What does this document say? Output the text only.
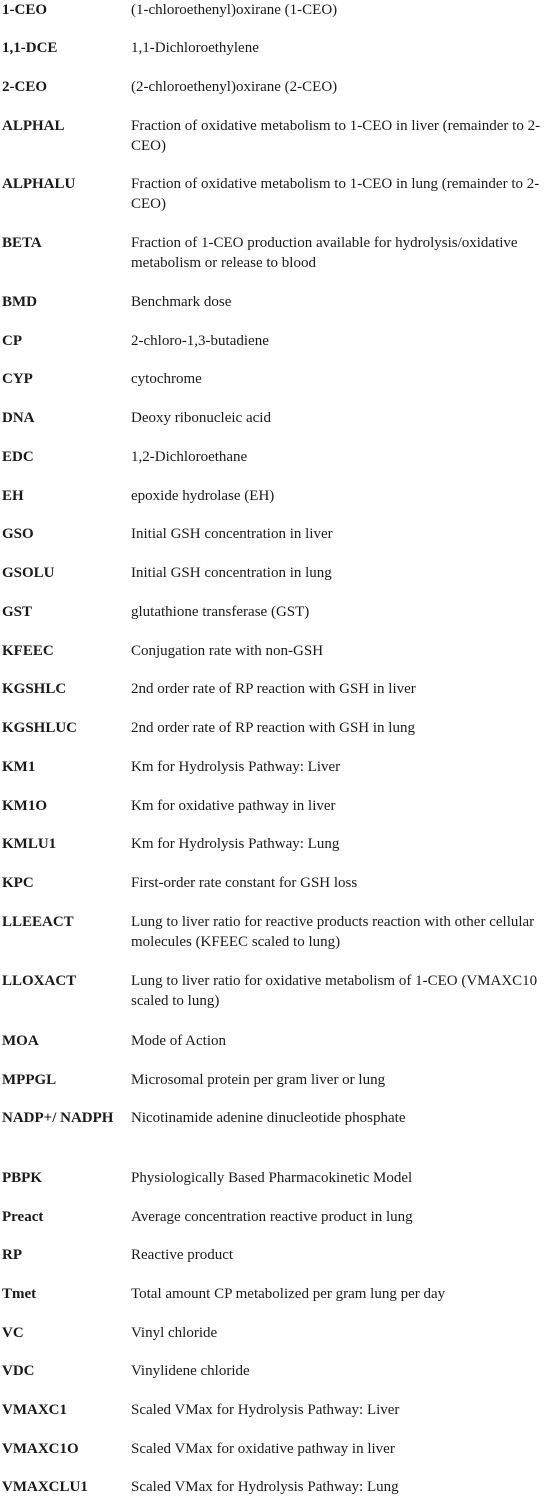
1-CEO	(1-chloroethenyl)oxirane (1-CEO)
1,1-DCE	1,1-Dichloroethylene
2-CEO	(2-chloroethenyl)oxirane (2-CEO)
ALPHAL	Fraction of oxidative metabolism to 1-CEO in liver (remainder to 2-CEO)
ALPHALU	Fraction of oxidative metabolism to 1-CEO in lung (remainder to 2-CEO)
BETA	Fraction of 1-CEO production available for hydrolysis/oxidative metabolism or release to blood
BMD	Benchmark dose
CP	2-chloro-1,3-butadiene
CYP	cytochrome
DNA	Deoxy ribonucleic acid
EDC	1,2-Dichloroethane
EH	epoxide hydrolase (EH)
GSO	Initial GSH concentration in liver
GSOLU	Initial GSH concentration in lung
GST	glutathione transferase (GST)
KFEEC	Conjugation rate with non-GSH
KGSHLC	2nd order rate of RP reaction with GSH in liver
KGSHLUC	2nd order rate of RP reaction with GSH in lung
KM1	Km for Hydrolysis Pathway: Liver
KM1O	Km for oxidative pathway in liver
KMLU1	Km for Hydrolysis Pathway: Lung
KPC	First-order rate constant for GSH loss
LLEEACT	Lung to liver ratio for reactive products reaction with other cellular molecules (KFEEC scaled to lung)
LLOXACT	Lung to liver ratio for oxidative metabolism of 1-CEO (VMAXC10 scaled to lung)
MOA	Mode of Action
MPPGL	Microsomal protein per gram liver or lung
NADP+/ NADPH	Nicotinamide adenine dinucleotide phosphate
PBPK	Physiologically Based Pharmacokinetic Model
Preact	Average concentration reactive product in lung
RP	Reactive product
Tmet	Total amount CP metabolized per gram lung per day
VC	Vinyl chloride
VDC	Vinylidene chloride
VMAXC1	Scaled VMax for Hydrolysis Pathway: Liver
VMAXC1O	Scaled VMax for oxidative pathway in liver
VMAXCLU1	Scaled VMax for Hydrolysis Pathway: Lung
